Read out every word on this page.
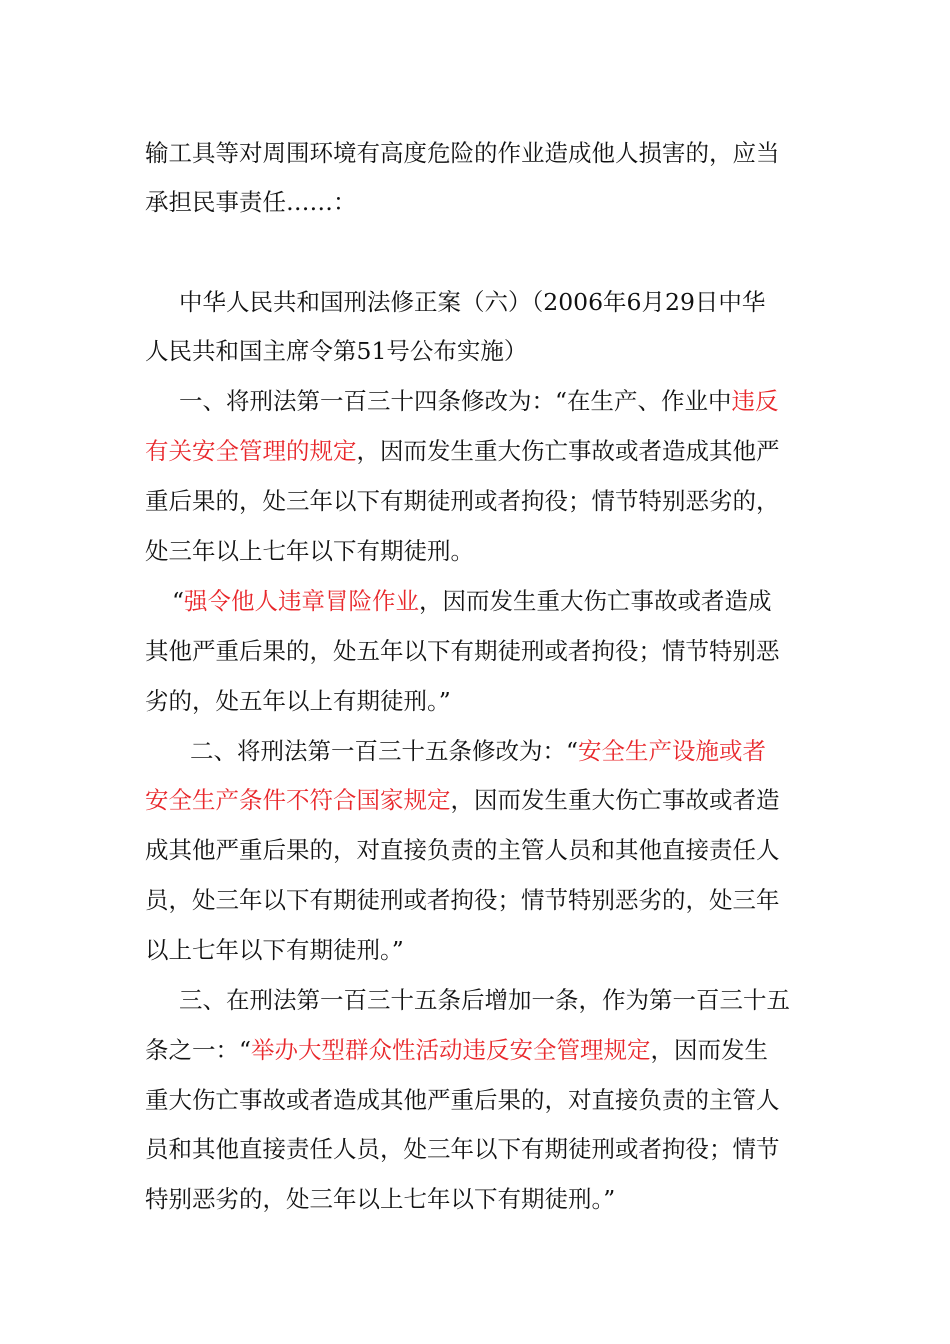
输工具等对周围环境有高度危险的作业造成他人损害的，应当
承担民事责任……：
中华人民共和国刑法修正案（六）（2006年6月29日中华
人民共和国主席令第51号公布实施）
一、将刑法第一百三十四条修改为：“在生产、作业中违反
有关安全管理的规定，因而发生重大伤亡事故或者造成其他严
重后果的，处三年以下有期徒刑或者拘役；情节特别恶劣的，
处三年以上七年以下有期徒刑。
“强令他人违章冒险作业，因而发生重大伤亡事故或者造成
其他严重后果的，处五年以下有期徒刑或者拘役；情节特别恶
劣的，处五年以上有期徒刑。”
二、将刑法第一百三十五条修改为：“安全生产设施或者
安全生产条件不符合国家规定，因而发生重大伤亡事故或者造
成其他严重后果的，对直接负责的主管人员和其他直接责任人
员，处三年以下有期徒刑或者拘役；情节特别恶劣的，处三年
以上七年以下有期徒刑。”
三、在刑法第一百三十五条后增加一条，作为第一百三十五
条之一：“举办大型群众性活动违反安全管理规定，因而发生
重大伤亡事故或者造成其他严重后果的，对直接负责的主管人
员和其他直接责任人员，处三年以下有期徒刑或者拘役；情节
特别恶劣的，处三年以上七年以下有期徒刑。”
